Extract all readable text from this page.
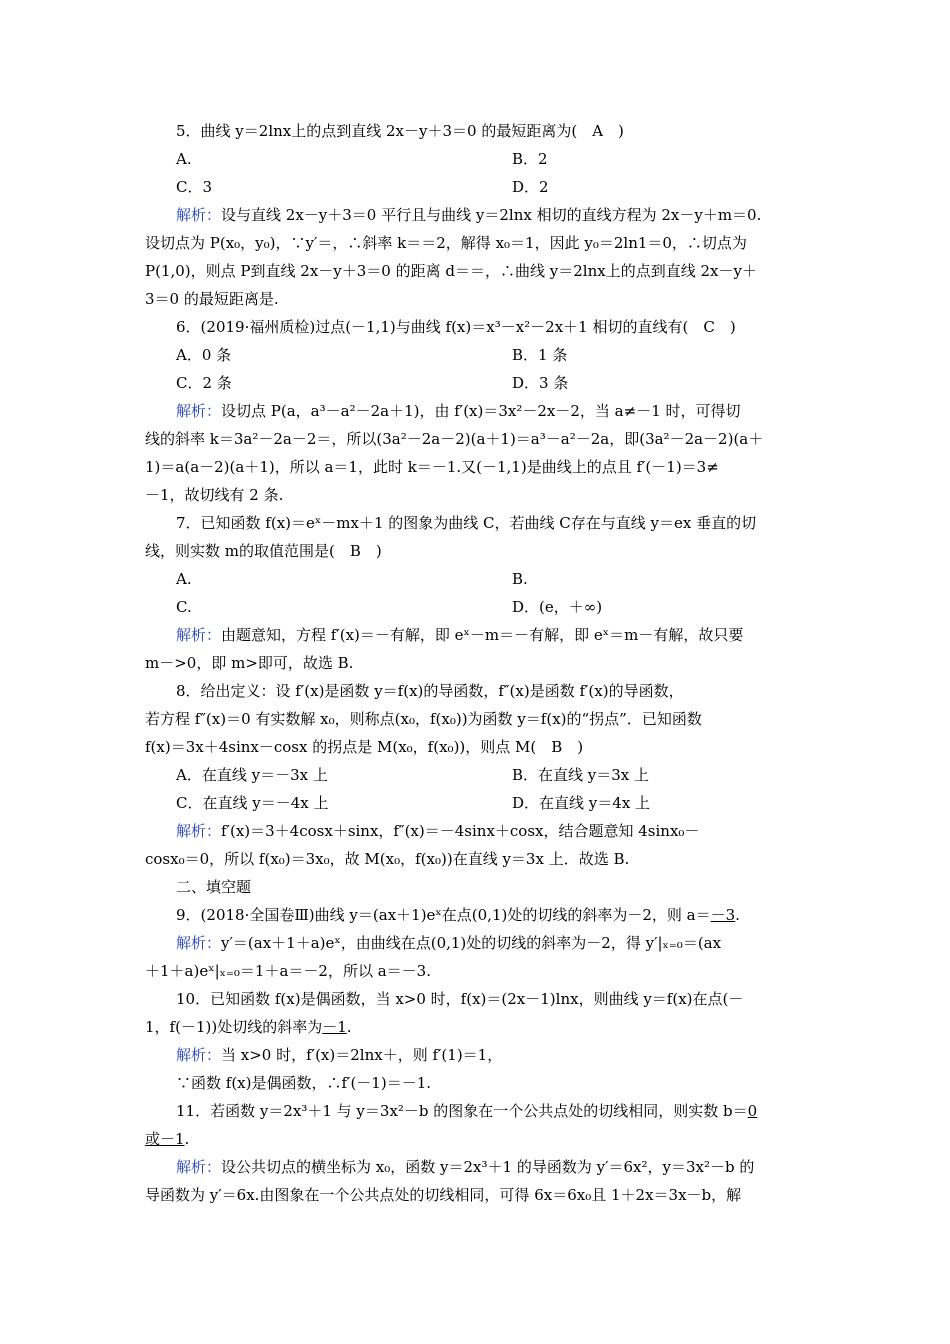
5．曲线 y＝2lnx上的点到直线 2x－y＋3＝0 的最短距离为(　A　)
A.	B．2
C．3	D．2
解析：设与直线 2x－y＋3＝0 平行且与曲线 y＝2lnx 相切的直线方程为 2x－y＋m＝0.
设切点为 P(x₀，y₀)，∵y′＝，∴斜率 k＝＝2，解得 x₀＝1，因此 y₀＝2ln1＝0，∴切点为
P(1,0)，则点 P到直线 2x－y＋3＝0 的距离 d＝＝，∴曲线 y＝2lnx上的点到直线 2x－y＋
3＝0 的最短距离是.
6．(2019·福州质检)过点(－1,1)与曲线 f(x)＝x³－x²－2x＋1 相切的直线有(　C　)
A．0 条	B．1 条
C．2 条	D．3 条
解析：设切点 P(a，a³－a²－2a＋1)，由 f′(x)＝3x²－2x－2，当 a≠－1 时，可得切
线的斜率 k＝3a²－2a－2＝，所以(3a²－2a－2)(a＋1)＝a³－a²－2a，即(3a²－2a－2)(a＋
1)＝a(a－2)(a＋1)，所以 a＝1，此时 k＝－1.又(－1,1)是曲线上的点且 f′(－1)＝3≠
－1，故切线有 2 条.
7．已知函数 f(x)＝eˣ－mx＋1 的图象为曲线 C，若曲线 C存在与直线 y＝ex 垂直的切
线，则实数 m的取值范围是(　B　)
A.	B.
C.	D．(e，＋∞)
解析：由题意知，方程 f′(x)＝－有解，即 eˣ－m＝－有解，即 eˣ＝m－有解，故只要
m－>0，即 m>即可，故选 B.
8．给出定义：设 f′(x)是函数 y＝f(x)的导函数，f″(x)是函数 f′(x)的导函数，
若方程 f″(x)＝0 有实数解 x₀，则称点(x₀，f(x₀))为函数 y＝f(x)的“拐点”．已知函数
f(x)＝3x＋4sinx－cosx 的拐点是 M(x₀，f(x₀))，则点 M(　B　)
A．在直线 y＝－3x 上	B．在直线 y＝3x 上
C．在直线 y＝－4x 上	D．在直线 y＝4x 上
解析：f′(x)＝3＋4cosx＋sinx，f″(x)＝－4sinx＋cosx，结合题意知 4sinx₀－
cosx₀＝0，所以 f(x₀)＝3x₀，故 M(x₀，f(x₀))在直线 y＝3x 上．故选 B.
二、填空题
9．(2018·全国卷Ⅲ)曲线 y＝(ax＋1)eˣ在点(0,1)处的切线的斜率为－2，则 a＝－3.
解析：y′＝(ax＋1＋a)eˣ，由曲线在点(0,1)处的切线的斜率为－2，得 y′|ₓ₌₀＝(ax
＋1＋a)eˣ|ₓ₌₀＝1＋a＝－2，所以 a＝－3.
10．已知函数 f(x)是偶函数，当 x>0 时，f(x)＝(2x－1)lnx，则曲线 y＝f(x)在点(－
1，f(－1))处切线的斜率为－1.
解析：当 x>0 时，f′(x)＝2lnx＋，则 f′(1)＝1，
∵函数 f(x)是偶函数，∴f′(－1)＝－1.
11．若函数 y＝2x³＋1 与 y＝3x²－b 的图象在一个公共点处的切线相同，则实数 b＝0
或－1.
解析：设公共切点的横坐标为 x₀，函数 y＝2x³＋1 的导函数为 y′＝6x²，y＝3x²－b 的
导函数为 y′＝6x.由图象在一个公共点处的切线相同，可得 6x＝6x₀且 1＋2x＝3x－b，解
